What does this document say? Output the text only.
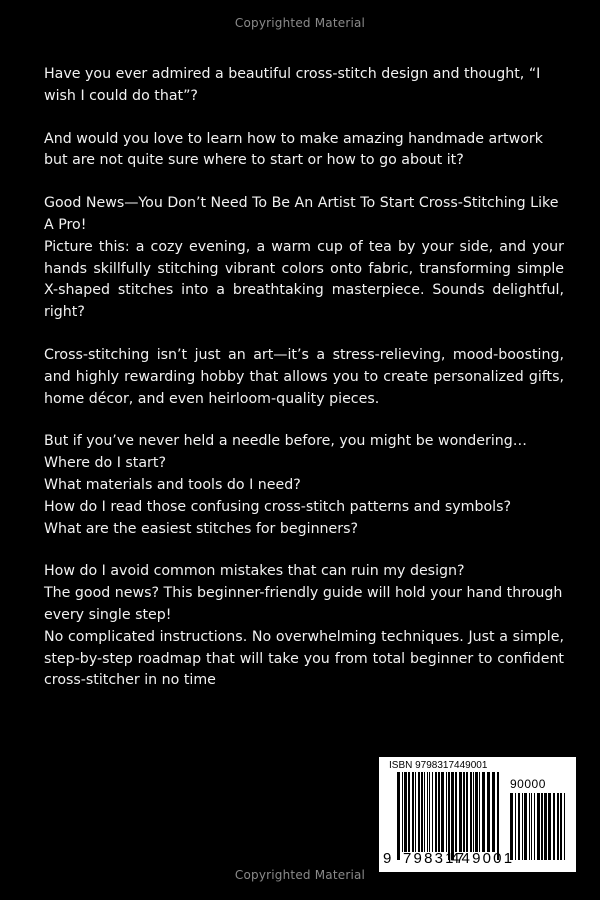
Copyrighted Material

Have you ever admired a beautiful cross-stitch design and thought, “I wish I could do that”?

And would you love to learn how to make amazing handmade artwork but are not quite sure where to start or how to go about it?

Good News—You Don’t Need To Be An Artist To Start Cross-Stitching Like A Pro!

Picture this: a cozy evening, a warm cup of tea by your side, and your hands skillfully stitching vibrant colors onto fabric, transforming simple X-shaped stitches into a breathtaking masterpiece. Sounds delightful, right?

Cross-stitching isn’t just an art—it’s a stress-relieving, mood-boosting, and highly rewarding hobby that allows you to create personalized gifts, home décor, and even heirloom-quality pieces.

But if you’ve never held a needle before, you might be wondering…

Where do I start?

What materials and tools do I need?

How do I read those confusing cross-stitch patterns and symbols?

What are the easiest stitches for beginners?

How do I avoid common mistakes that can ruin my design?

The good news? This beginner-friendly guide will hold your hand through every single step!

No complicated instructions. No overwhelming techniques. Just a simple, step-by-step roadmap that will take you from total beginner to confident cross-stitcher in no time

ISBN 9798317449001
90000
9 798317
449001
Copyrighted Material
